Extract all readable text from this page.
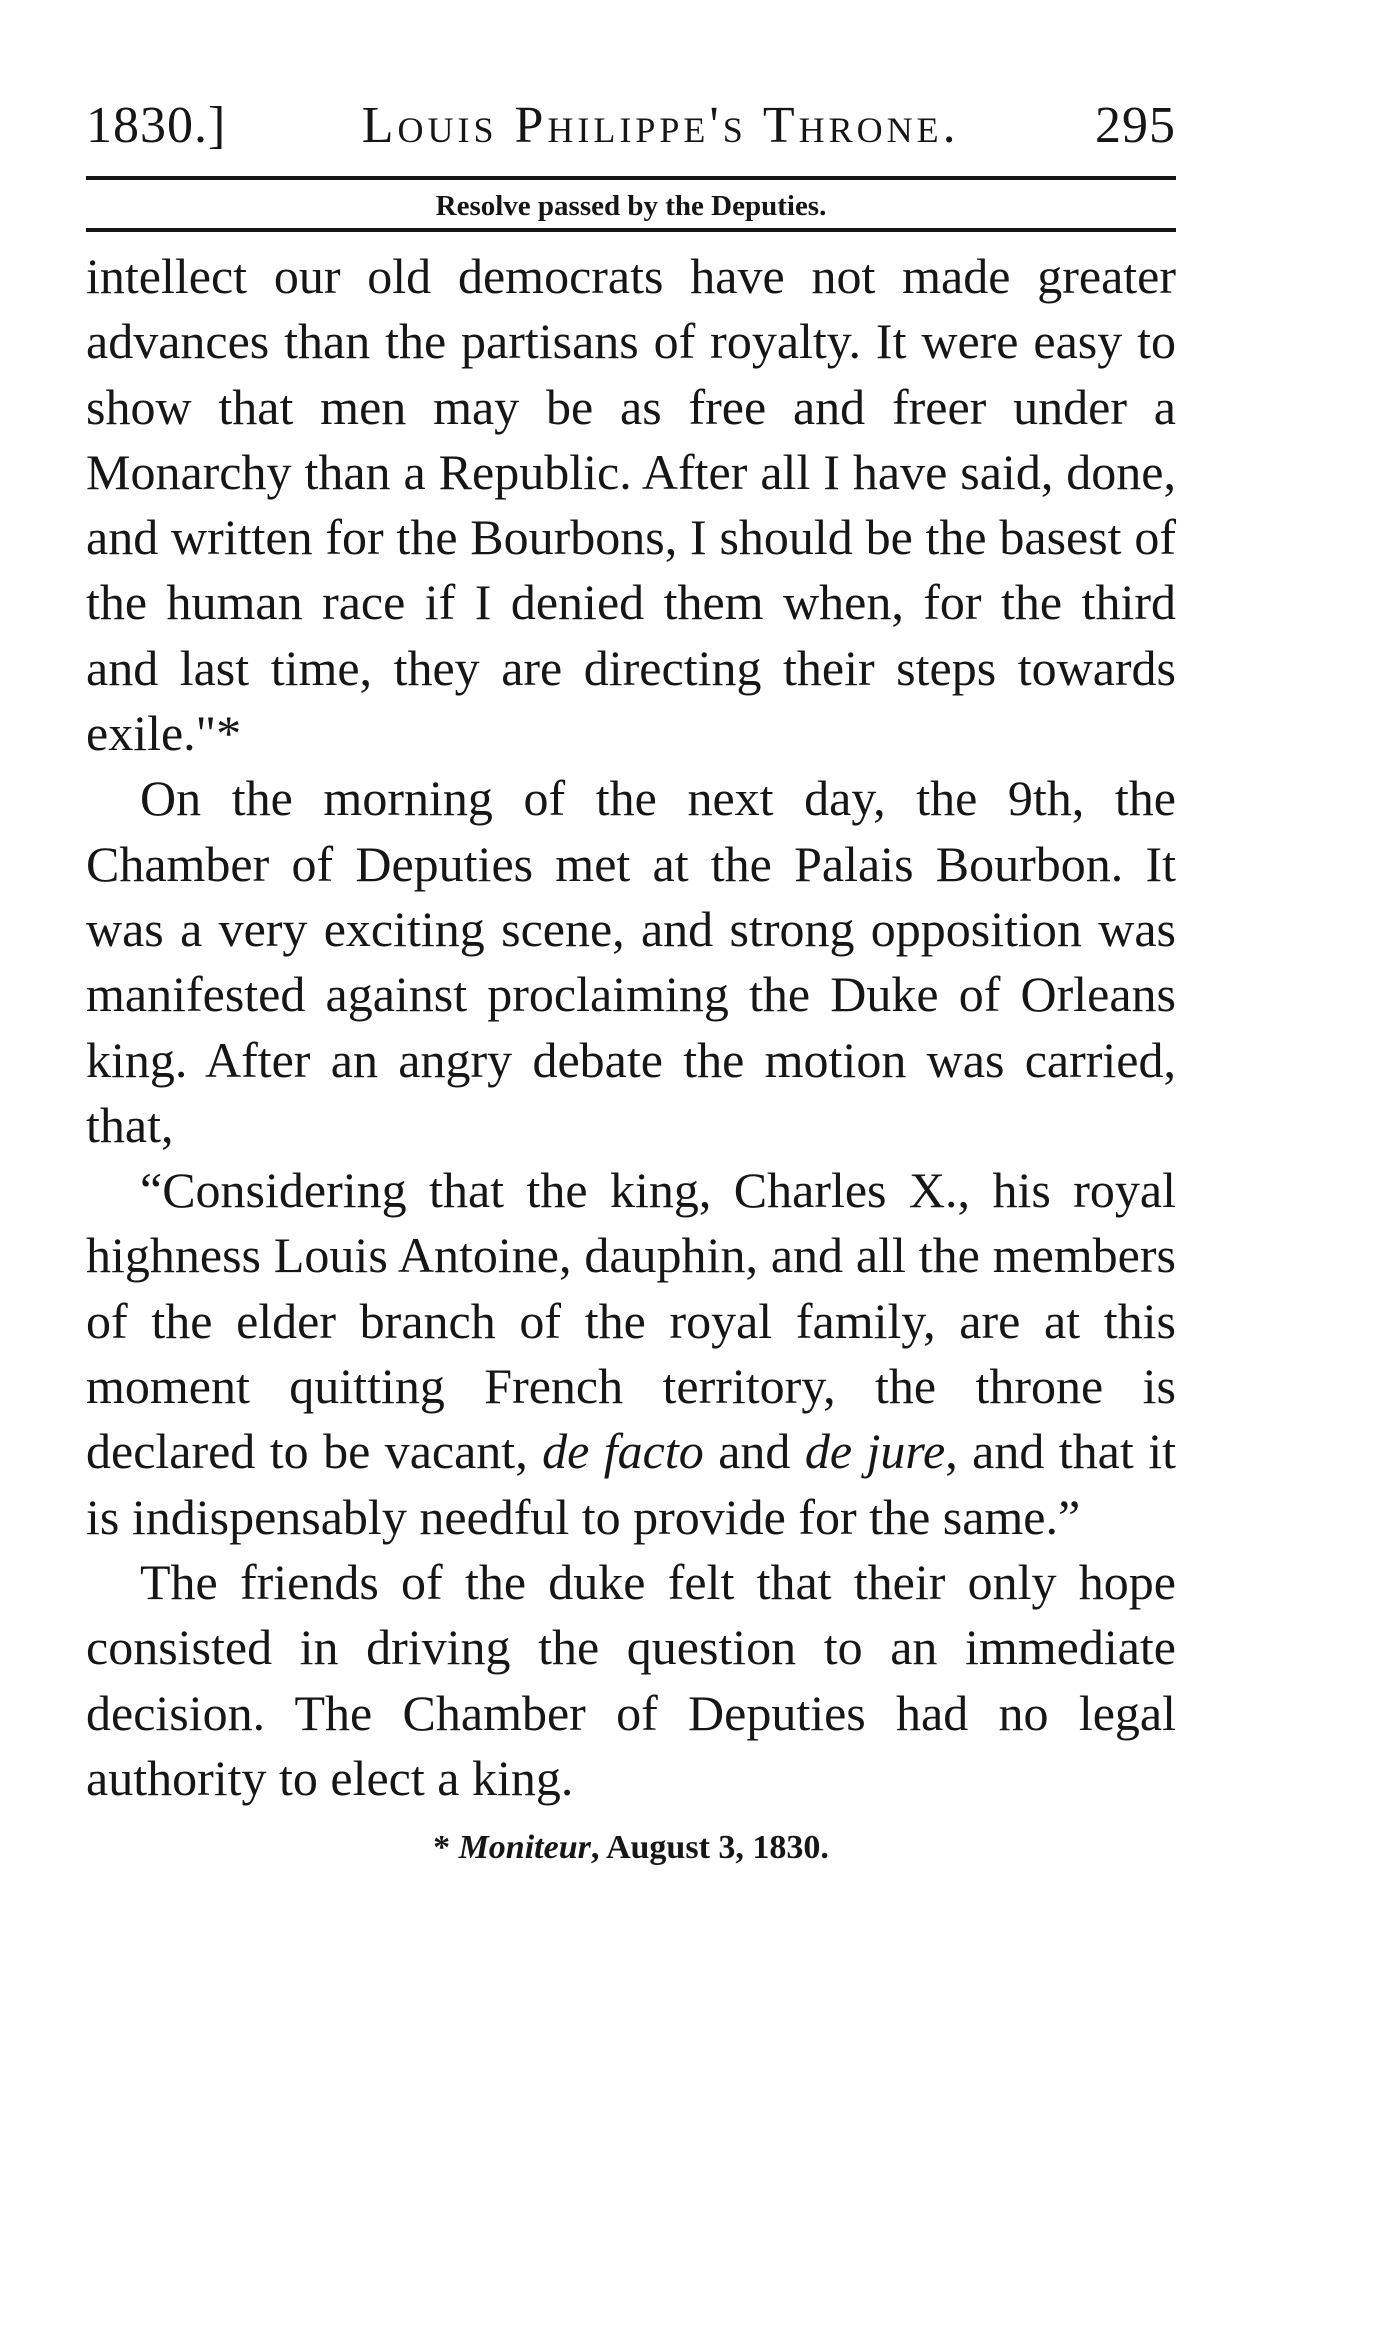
1830.]	Louis Philippe's Throne.	295
Resolve passed by the Deputies.

intellect our old democrats have not made greater advances than the partisans of royalty. It were easy to show that men may be as free and freer under a Monarchy than a Republic. After all I have said, done, and written for the Bourbons, I should be the basest of the human race if I denied them when, for the third and last time, they are directing their steps towards exile."*

On the morning of the next day, the 9th, the Chamber of Deputies met at the Palais Bourbon. It was a very exciting scene, and strong opposition was manifested against proclaiming the Duke of Orleans king. After an angry debate the motion was carried, that,

“Considering that the king, Charles X., his royal highness Louis Antoine, dauphin, and all the members of the elder branch of the royal family, are at this moment quitting French territory, the throne is declared to be vacant, de facto and de jure, and that it is indispensably needful to provide for the same.”

The friends of the duke felt that their only hope consisted in driving the question to an immediate decision. The Chamber of Deputies had no legal authority to elect a king.

* Moniteur, August 3, 1830.
